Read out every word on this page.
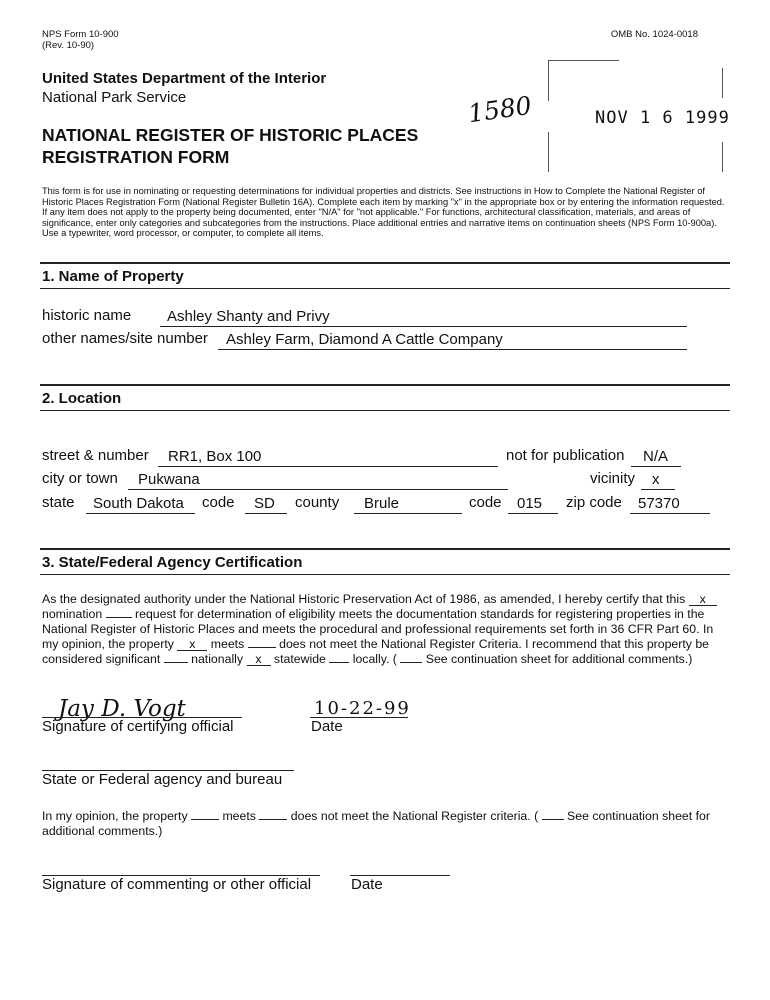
NPS Form 10-900
(Rev. 10-90)
OMB No. 1024-0018
United States Department of the Interior
National Park Service
NATIONAL REGISTER OF HISTORIC PLACES
REGISTRATION FORM
1580	NOV 1 6 1999
This form is for use in nominating or requesting determinations for individual properties and districts. See instructions in How to Complete the National Register of Historic Places Registration Form (National Register Bulletin 16A). Complete each item by marking "x" in the appropriate box or by entering the information requested. If any item does not apply to the property being documented, enter "N/A" for "not applicable." For functions, architectural classification, materials, and areas of significance, enter only categories and subcategories from the instructions. Place additional entries and narrative items on continuation sheets (NPS Form 10-900a). Use a typewriter, word processor, or computer, to complete all items.
1. Name of Property
historic name Ashley Shanty and Privy
other names/site number Ashley Farm, Diamond A Cattle Company
2. Location
street & number RR1, Box 100	not for publication N/A
city or town Pukwana	vicinity x
state South Dakota code SD county Brule	code 015 zip code 57370
3. State/Federal Agency Certification
As the designated authority under the National Historic Preservation Act of 1986, as amended, I hereby certify that this x nomination	request for determination of eligibility meets the documentation standards for registering properties in the National Register of Historic Places and meets the procedural and professional requirements set forth in 36 CFR Part 60. In my opinion, the property x meets	does not meet the National Register Criteria. I recommend that this property be considered significant	nationally x statewide locally. ( See continuation sheet for additional comments.)
Jay D. Vogt
Signature of certifying official
10-22-99
Date
State or Federal agency and bureau
In my opinion, the property	meets	does not meet the National Register criteria. ( See continuation sheet for additional comments.)
Signature of commenting or other official	Date
